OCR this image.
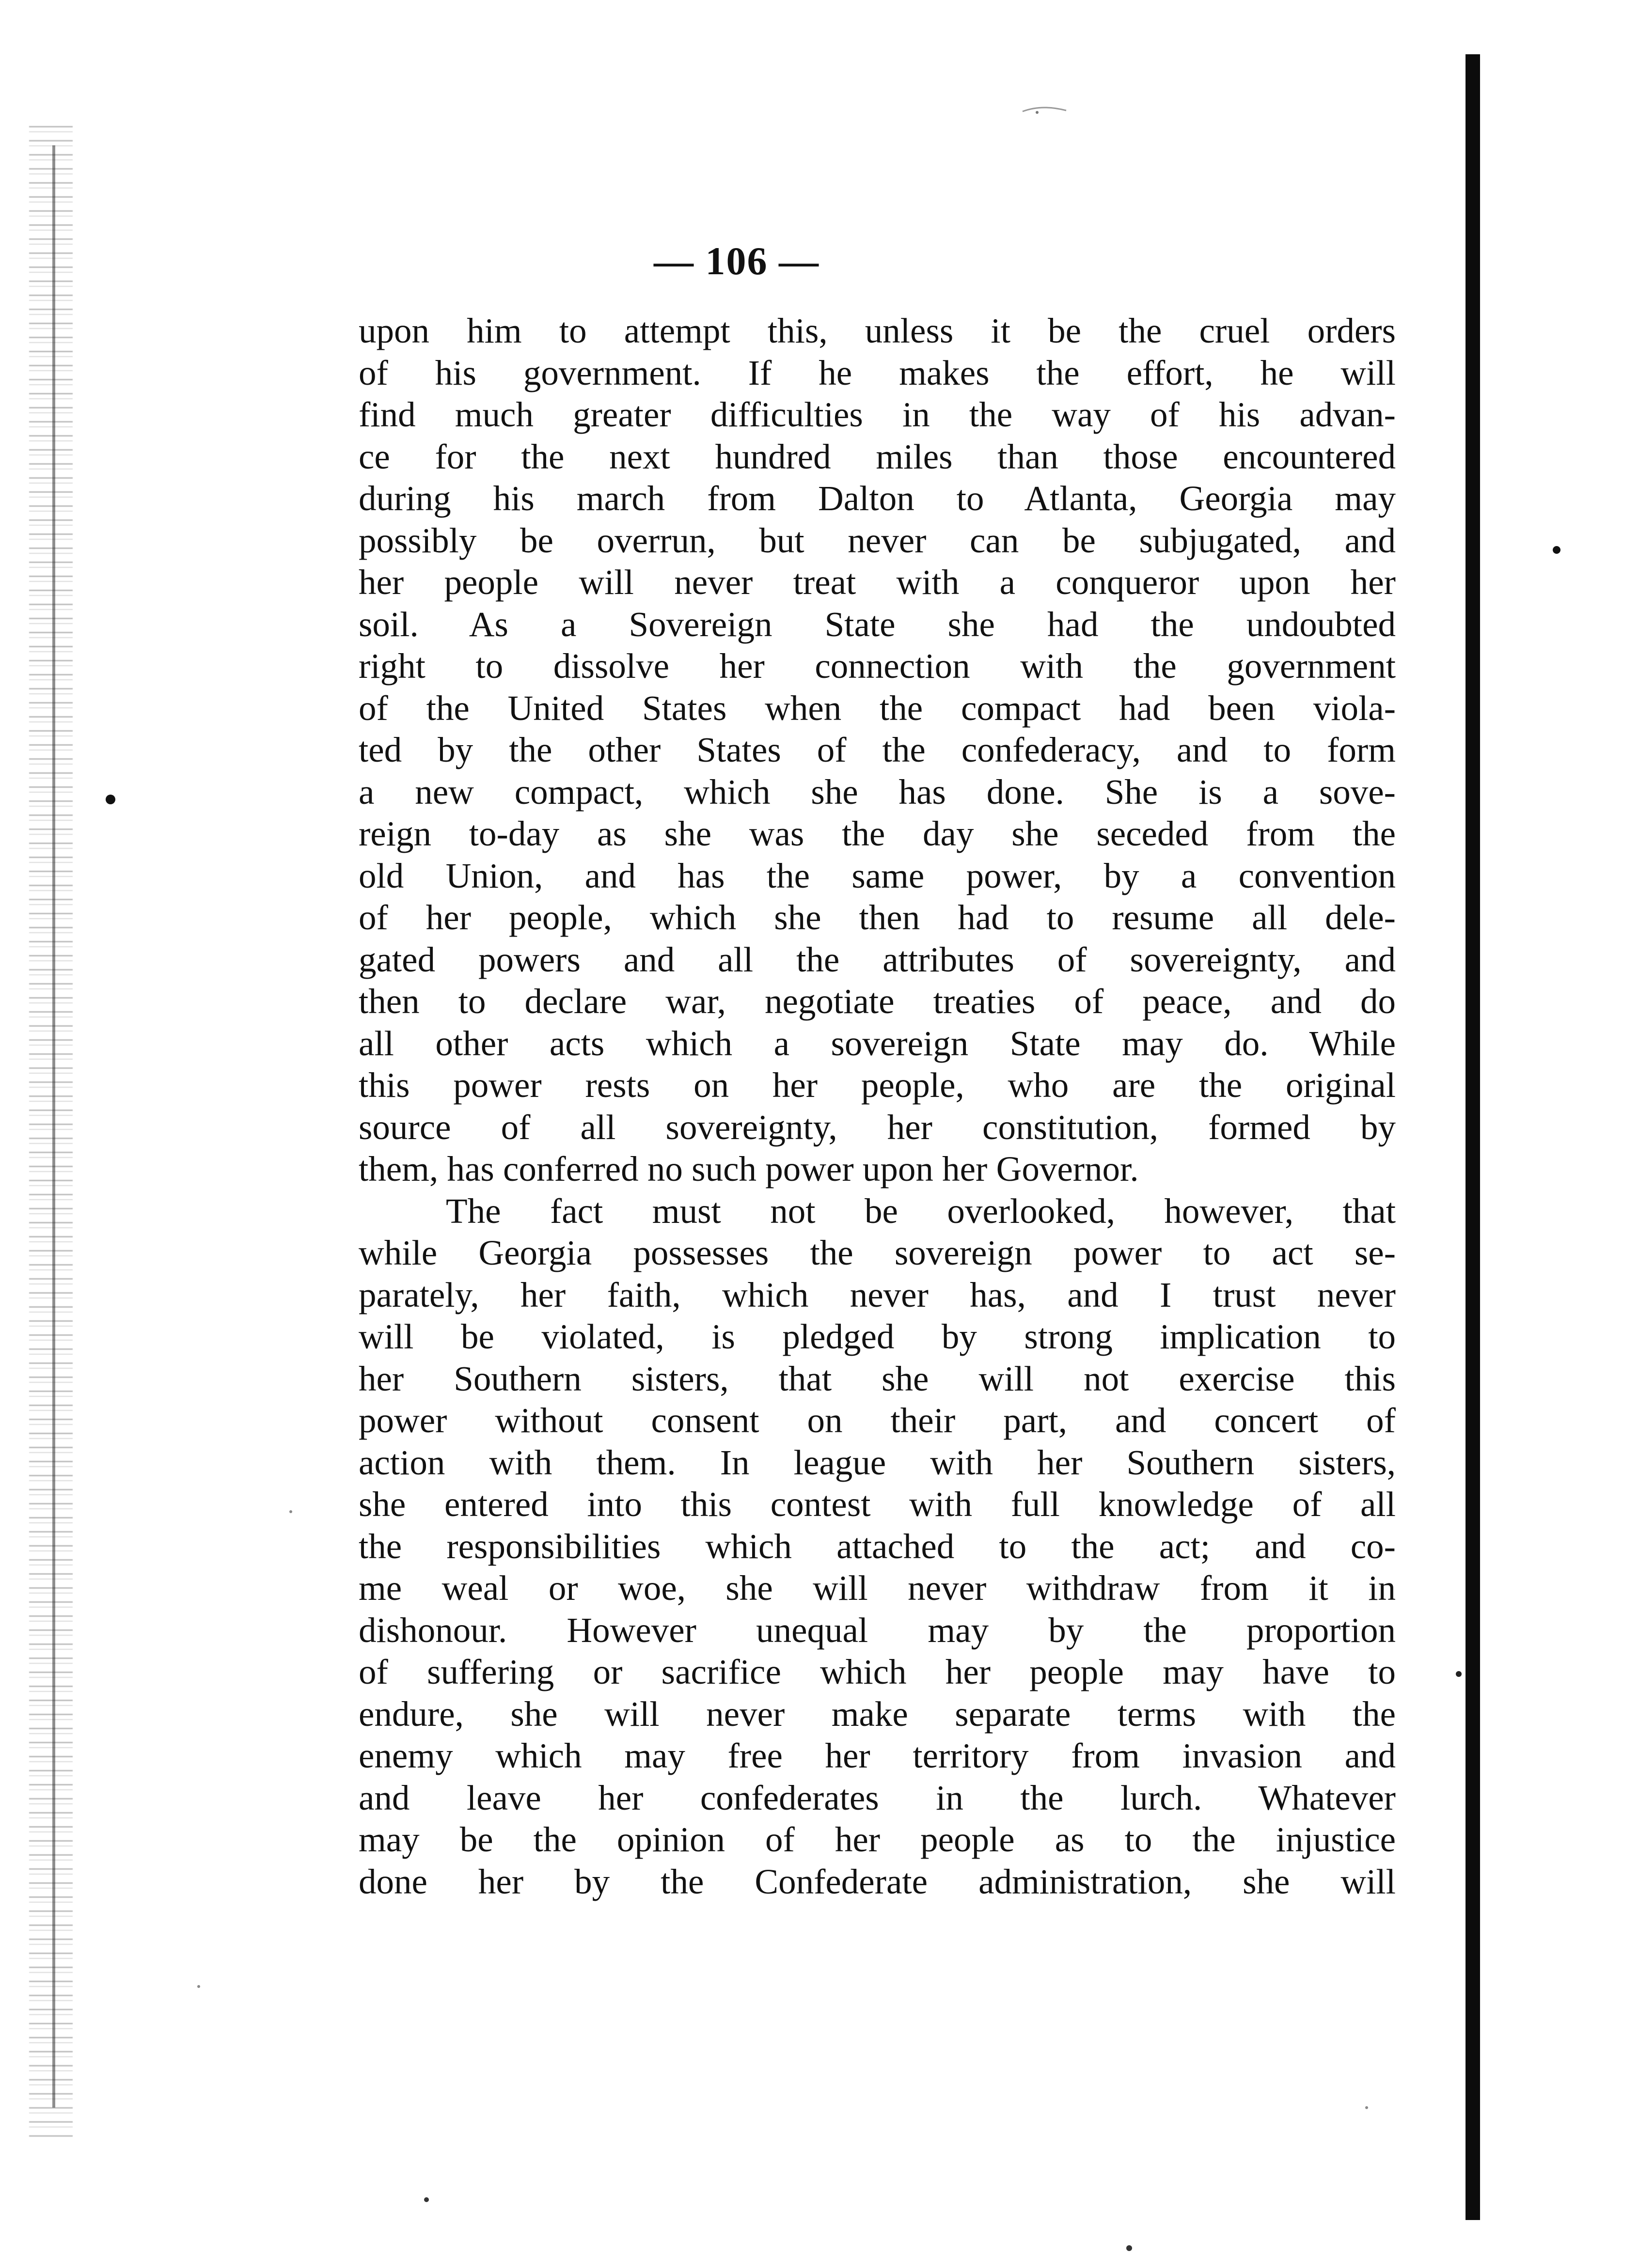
— 106 —
upon him to attempt this, unless it be the cruel orders
of his government. If he makes the effort, he will
find much greater difficulties in the way of his advan-
ce for the next hundred miles than those encountered
during his march from Dalton to Atlanta, Georgia may
possibly be overrun, but never can be subjugated, and
her people will never treat with a conqueror upon her
soil. As a Sovereign State she had the undoubted
right to dissolve her connection with the government
of the United States when the compact had been viola-
ted by the other States of the confederacy, and to form
a new compact, which she has done. She is a sove-
reign to-day as she was the day she seceded from the
old Union, and has the same power, by a convention
of her people, which she then had to resume all dele-
gated powers and all the attributes of sovereignty, and
then to declare war, negotiate treaties of peace, and do
all other acts which a sovereign State may do. While
this power rests on her people, who are the original
source of all sovereignty, her constitution, formed by
them, has conferred no such power upon her Governor.
The fact must not be overlooked, however, that
while Georgia possesses the sovereign power to act se-
parately, her faith, which never has, and I trust never
will be violated, is pledged by strong implication to
her Southern sisters, that she will not exercise this
power without consent on their part, and concert of
action with them. In league with her Southern sisters,
she entered into this contest with full knowledge of all
the responsibilities which attached to the act; and co-
me weal or woe, she will never withdraw from it in
dishonour. However unequal may by the proportion
of suffering or sacrifice which her people may have to
endure, she will never make separate terms with the
enemy which may free her territory from invasion and
and leave her confederates in the lurch. Whatever
may be the opinion of her people as to the injustice
done her by the Confederate administration, she will
